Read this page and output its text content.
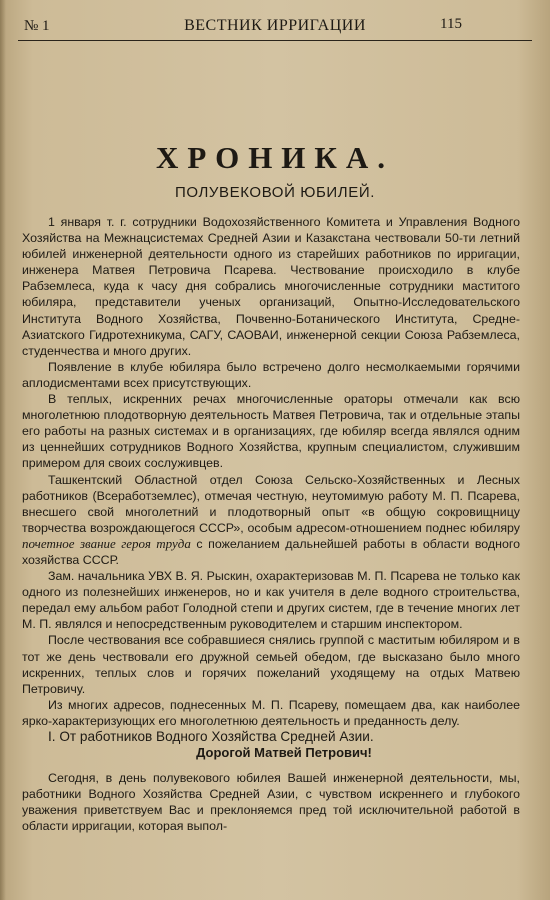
№ 1	ВЕСТНИК ИРРИГАЦИИ	115
ХРОНИКА.
ПОЛУВЕКОВОЙ ЮБИЛЕЙ.

1 января т. г. сотрудники Водохозяйственного Комитета и Управления Водного Хозяйства на Межнацсистемах Средней Азии и Казакстана чествовали 50-ти летний юбилей инженерной деятельности одного из старейших работников по ирригации, инженера Матвея Петровича Псарева. Чествование происходило в клубе Рабземлеса, куда к часу дня собрались многочисленные сотрудники маститого юбиляра, представители ученых организаций, Опытно-Исследовательского Института Водного Хозяйства, Почвенно-Ботанического Института, Средне-Азиатского Гидротехникума, САГУ, САОВАИ, инженерной секции Союза Рабземлеса, студенчества и много других.

Появление в клубе юбиляра было встречено долго несмолкаемыми горячими аплодисментами всех присутствующих.

В теплых, искренних речах многочисленные ораторы отмечали как всю многолетнюю плодотворную деятельность Матвея Петровича, так и отдельные этапы его работы на разных системах и в организациях, где юбиляр всегда являлся одним из ценнейших сотрудников Водного Хозяйства, крупным специалистом, служившим примером для своих сослуживцев.

Ташкентский Областной отдел Союза Сельско-Хозяйственных и Лесных работников (Всеработземлес), отмечая честную, неутомимую работу М. П. Псарева, внесшего свой многолетний и плодотворный опыт «в общую сокровищницу творчества возрождающегося СССР», особым адресом-отношением поднес юбиляру почетное звание героя труда с пожеланием дальнейшей работы в области водного хозяйства СССР.

Зам. начальника УВХ В. Я. Рыскин, охарактеризовав М. П. Псарева не только как одного из полезнейших инженеров, но и как учителя в деле водного строительства, передал ему альбом работ Голодной степи и других систем, где в течение многих лет М. П. являлся и непосредственным руководителем и старшим инспектором.

После чествования все собравшиеся снялись группой с маститым юбиляром и в тот же день чествовали его дружной семьей обедом, где высказано было много искренних, теплых слов и горячих пожеланий уходящему на отдых Матвею Петровичу.

Из многих адресов, поднесенных М. П. Псареву, помещаем два, как наиболее ярко-характеризующих его многолетнюю деятельность и преданность делу.

I. От работников Водного Хозяйства Средней Азии.

Дорогой Матвей Петрович!

Сегодня, в день полувекового юбилея Вашей инженерной деятельности, мы, работники Водного Хозяйства Средней Азии, с чувством искреннего и глубокого уважения приветствуем Вас и преклоняемся пред той исключительной работой в области ирригации, которая выпол-
